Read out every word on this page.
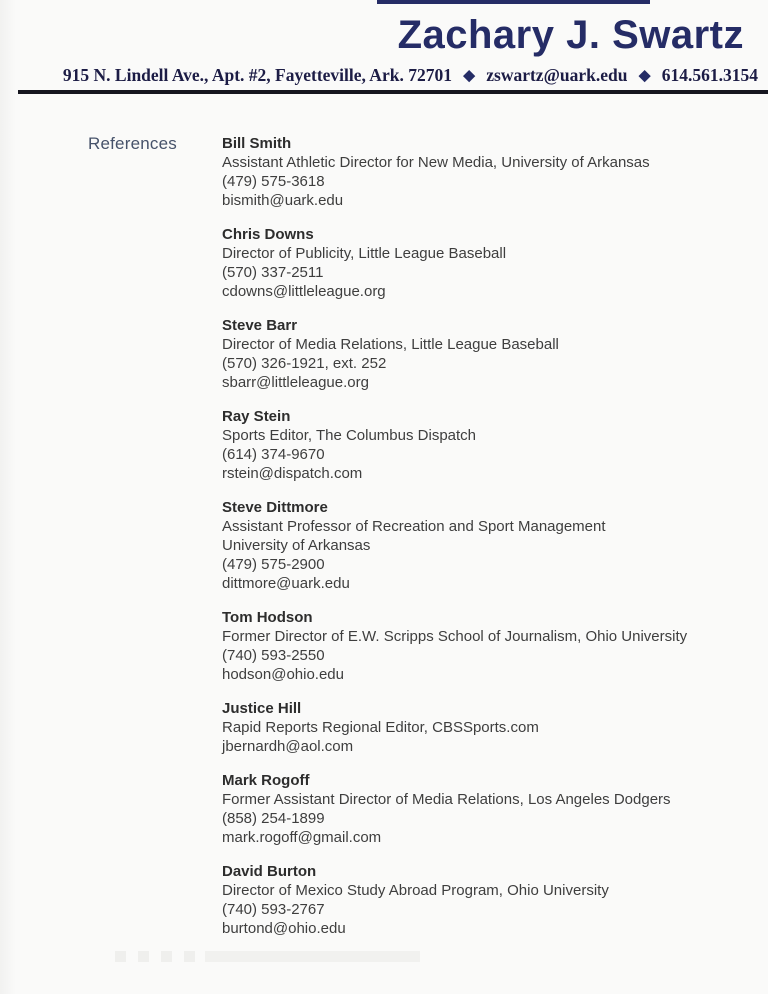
Zachary J. Swartz
915 N. Lindell Ave., Apt. #2, Fayetteville, Ark. 72701 ◆ zswartz@uark.edu ◆ 614.561.3154
References	Bill Smith
Assistant Athletic Director for New Media, University of Arkansas
(479) 575-3618
bismith@uark.edu
Chris Downs
Director of Publicity, Little League Baseball
(570) 337-2511
cdowns@littleleague.org
Steve Barr
Director of Media Relations, Little League Baseball
(570) 326-1921, ext. 252
sbarr@littleleague.org
Ray Stein
Sports Editor, The Columbus Dispatch
(614) 374-9670
rstein@dispatch.com
Steve Dittmore
Assistant Professor of Recreation and Sport Management
University of Arkansas
(479) 575-2900
dittmore@uark.edu
Tom Hodson
Former Director of E.W. Scripps School of Journalism, Ohio University
(740) 593-2550
hodson@ohio.edu
Justice Hill
Rapid Reports Regional Editor, CBSSports.com
jbernardh@aol.com
Mark Rogoff
Former Assistant Director of Media Relations, Los Angeles Dodgers
(858) 254-1899
mark.rogoff@gmail.com
David Burton
Director of Mexico Study Abroad Program, Ohio University
(740) 593-2767
burtond@ohio.edu
